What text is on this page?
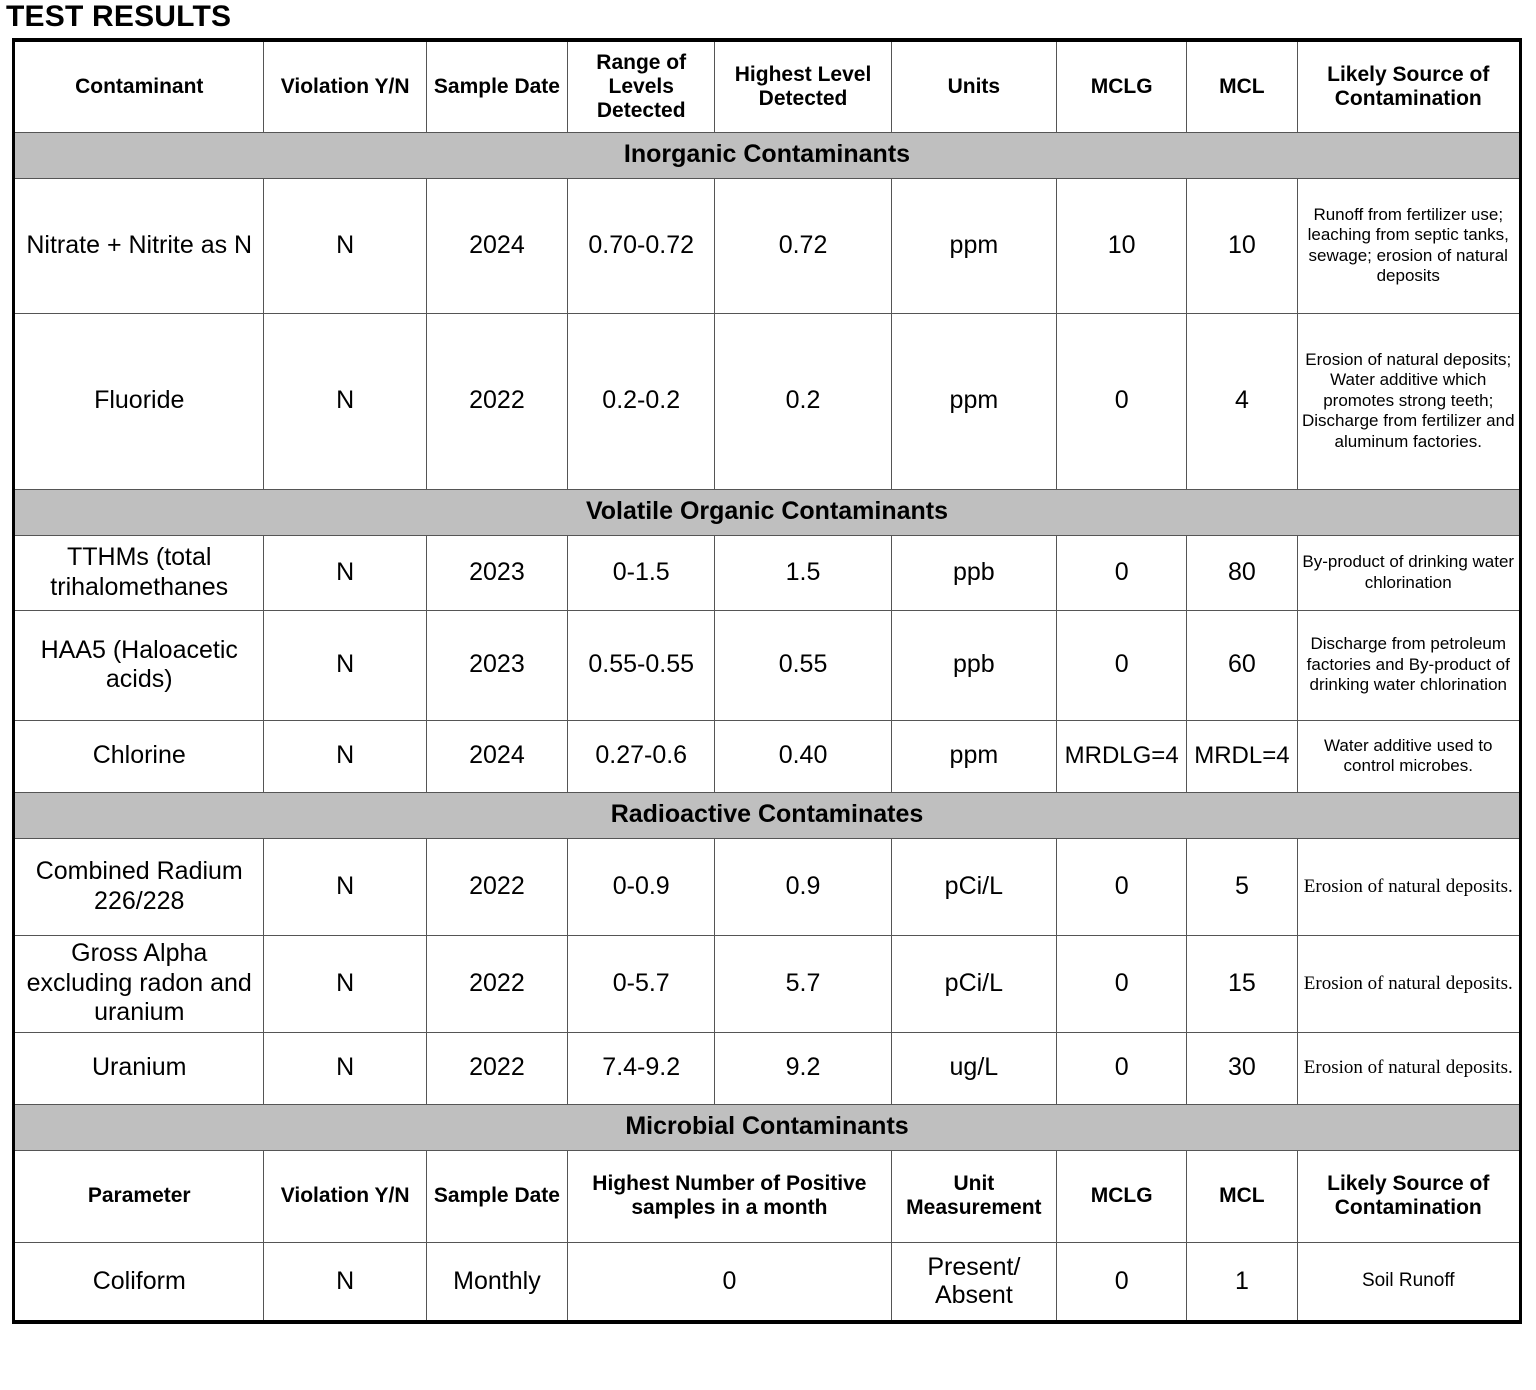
TEST RESULTS
Contaminant	Violation Y/N	Sample Date	Range of Levels Detected	Highest Level Detected	Units	MCLG	MCL	Likely Source of Contamination
Inorganic Contaminants								
Nitrate + Nitrite as N	N	2024	0.70-0.72	0.72	ppm	10	10	Runoff from fertilizer use; leaching from septic tanks, sewage; erosion of natural deposits
Fluoride	N	2022	0.2-0.2	0.2	ppm	0	4	Erosion of natural deposits; Water additive which promotes strong teeth; Discharge from fertilizer and aluminum factories.
Volatile Organic Contaminants								
TTHMs (total trihalomethanes	N	2023	0-1.5	1.5	ppb	0	80	By-product of drinking water chlorination
HAA5 (Haloacetic acids)	N	2023	0.55-0.55	0.55	ppb	0	60	Discharge from petroleum factories and By-product of drinking water chlorination
Chlorine	N	2024	0.27-0.6	0.40	ppm	MRDLG=4	MRDL=4	Water additive used to control microbes.
Radioactive Contaminates								
Combined Radium 226/228	N	2022	0-0.9	0.9	pCi/L	0	5	Erosion of natural deposits.
Gross Alpha excluding radon and uranium	N	2022	0-5.7	5.7	pCi/L	0	15	Erosion of natural deposits.
Uranium	N	2022	7.4-9.2	9.2	ug/L	0	30	Erosion of natural deposits.
Microbial Contaminants								
Parameter	Violation Y/N	Sample Date	Highest Number of Positive samples in a month		Unit Measurement	MCLG	MCL	Likely Source of Contamination
Coliform	N	Monthly	0		Present/ Absent	0	1	Soil Runoff
